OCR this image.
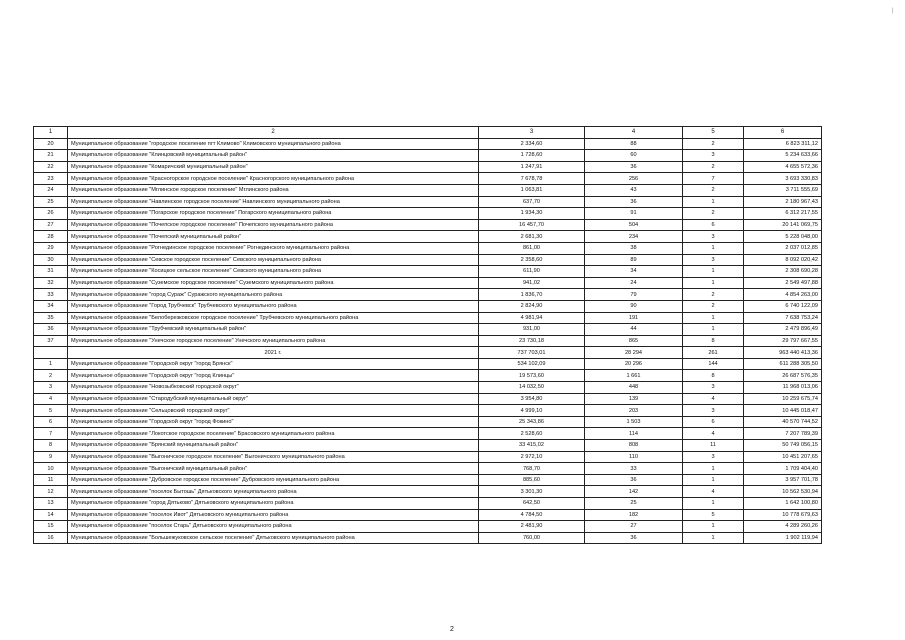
|
1	2	3	4	5	6
20	Муниципальное образование "городское поселение пгт Климово" Климовского муниципального района	2 334,60	88	2	6 823 311,12
21	Муниципальное образование "Клинцовский муниципальный район"	1 728,60	60	3	5 234 633,66
22	Муниципальное образование "Комаричский муниципальный район"	1 247,91	36	2	4 655 572,36
23	Муниципальное образование "Красногорское городское поселение" Красногорского муниципального района	7 678,78	256	7	3 693 330,83
24	Муниципальное образование "Мглинское городское поселение" Мглинского района	1 063,81	43	2	3 711 555,69
25	Муниципальное образование "Навлинское городское поселение" Навлинского муниципального района	637,70	36	1	2 180 967,43
26	Муниципальное образование "Погарское городское поселение" Погарского муниципального района	1 934,30	91	2	6 312 217,55
27	Муниципальное образование "Почепское городское поселение" Почепского муниципального района	16 457,70	504	6	20 141 069,75
28	Муниципальное образование "Почепский муниципальный район"	2 681,30	234	3	5 228 048,00
29	Муниципальное образование "Рогнединское городское поселение" Рогнединского муниципального района	861,00	38	1	2 037 012,85
30	Муниципальное образование "Севское городское поселение" Севского муниципального района	2 358,60	89	3	8 092 020,42
31	Муниципальное образование "Косицкое сельское поселение" Севского муниципального района	611,90	34	1	2 308 690,28
32	Муниципальное образование "Суземское городское поселение" Суземского муниципального района	941,02	24	1	2 549 497,88
33	Муниципальное образование "город Сураж" Суражского муниципального района	1 836,70	79	2	4 854 263,00
34	Муниципальное образование "Город Трубчевск" Трубчевского муниципального района	2 824,90	90	2	6 740 122,09
35	Муниципальное образование "Белоберезковское городское поселение" Трубчевского муниципального района	4 981,94	191	1	7 638 753,24
36	Муниципальное образование "Трубчевский муниципальный район"	931,00	44	1	2 479 896,49
37	Муниципальное образование "Унечское городское поселение" Унечского муниципального района	23 730,18	865	8	29 797 667,55
	2021 г.	737 703,01	28 294	261	963 440 413,36
1	Муниципальное образование "Городской округ "город Брянск"	534 102,09	20 296	144	611 288 305,50
2	Муниципальное образование "Городской округ "город Клинцы"	19 573,60	1 661	8	26 687 576,35
3	Муниципальное образование "Новозыбковский городской округ"	14 032,50	448	3	11 968 013,06
4	Муниципальное образование "Стародубский муниципальный округ"	3 954,80	139	4	10 259 675,74
5	Муниципальное образование "Сельцовский городской округ"	4 999,10	203	3	10 445 018,47
6	Муниципальное образование "Городской округ "город Фокино"	25 343,86	1 503	6	40 570 744,52
7	Муниципальное образование "Локотское городское поселение" Брасовского муниципального района	2 528,60	114	4	7 207 789,39
8	Муниципальное образование "Брянский муниципальный район"	33 415,02	808	11	50 749 056,15
9	Муниципальное образование "Выгоничское городское поселение" Выгоничского муниципального района	2 972,10	110	3	10 451 207,65
10	Муниципальное образование "Выгоничский муниципальный район"	768,70	33	1	1 709 404,40
11	Муниципальное образование "Дубровское городское поселение" Дубровского муниципального района	885,60	36	1	3 957 701,78
12	Муниципальное образование "поселок Бытошь" Дятьковского муниципального района	3 301,30	142	4	10 562 530,94
13	Муниципальное образование "город Дятьково" Дятьковского муниципального района	642,50	25	1	1 642 100,80
14	Муниципальное образование "поселок Ивот" Дятьковского муниципального района	4 784,50	182	5	10 778 679,63
15	Муниципальное образование "поселок Старь" Дятьковского муниципального района	2 481,90	27	1	4 289 260,26
16	Муниципальное образование "Большежуковское сельское поселение" Дятьковского муниципального района	760,00	36	1	1 902 119,94
2
